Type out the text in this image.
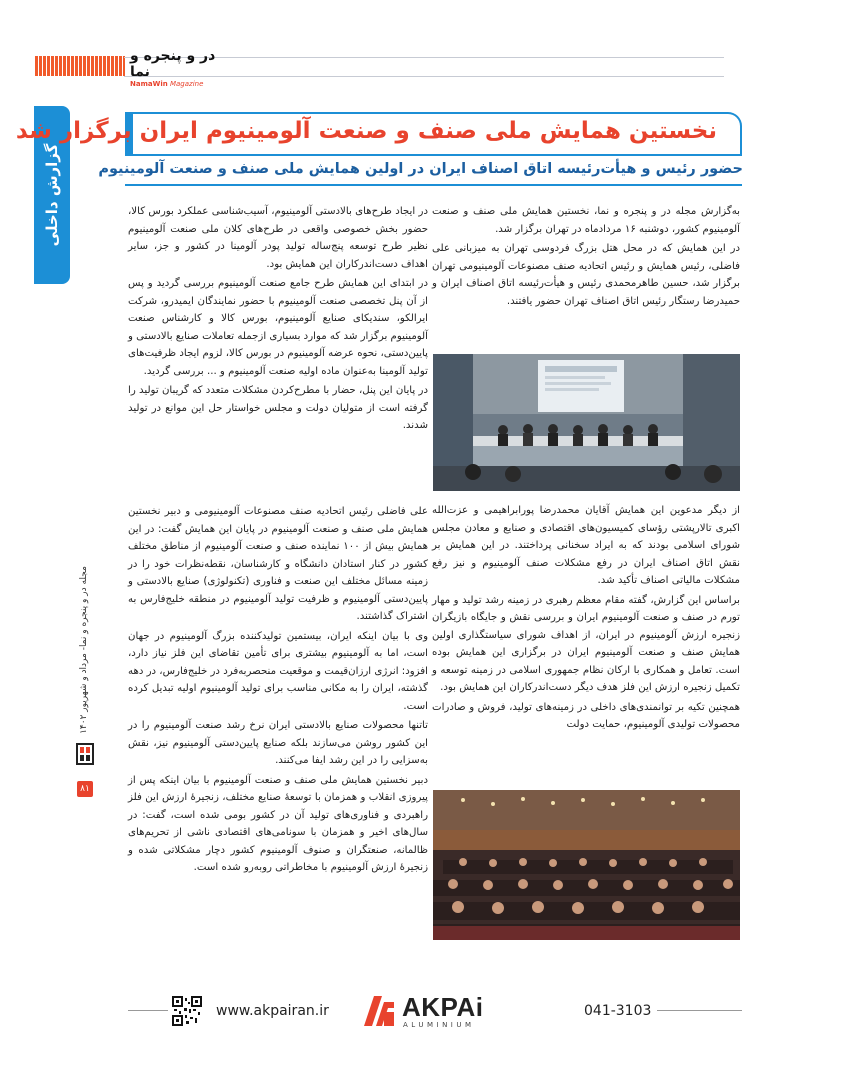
در و پنجره و نما
NamaWin Magazine
گزارش داخلی
مجله در و پنجره و نما- مرداد و شهریور ۱۴۰۲
۸۱
نخستین همایش ملی صنف و صنعت آلومینیوم ایران برگزار شد
حضور رئیس و هیأت‌رئیسه اتاق اصناف ایران در اولین همایش ملی صنف و صنعت آلومینیوم

به‌گزارش مجله در و پنجره و نما، نخستین همایش ملی صنف و صنعت آلومینیوم کشور، دوشنبه ۱۶ مردادماه در تهران برگزار شد.

در این همایش که در محل هتل بزرگ فردوسی تهران به میزبانی علی فاضلی، رئیس همایش و رئیس اتحادیه صنف مصنوعات آلومینیومی تهران برگزار شد، حسین طاهرمحمدی رئیس و هیأت‌رئیسه اتاق اصناف ایران و حمیدرضا رستگار رئیس اتاق اصناف تهران حضور یافتند.

از دیگر مدعوین این همایش آقایان محمدرضا پورابراهیمی و عزت‌الله اکبری تالارپشتی رؤسای کمیسیون‌های اقتصادی و صنایع و معادن مجلس شورای اسلامی بودند که به ایراد سخنانی پرداختند. در این همایش بر نقش اتاق اصناف ایران در رفع مشکلات صنف آلومینیوم و نیز رفع مشکلات مالیاتی اصناف تأکید شد.

براساس این گزارش، گفته مقام معظم رهبری در زمینه رشد تولید و مهار تورم در صنف و صنعت آلومینیوم ایران و بررسی نقش و جایگاه بازیگران زنجیره ارزش آلومینیوم در ایران، از اهداف شورای سیاستگذاری اولین همایش صنف و صنعت آلومینیوم ایران در برگزاری این همایش بوده است. تعامل و همکاری با ارکان نظام جمهوری اسلامی در زمینه توسعه و تکمیل زنجیره ارزش این فلز هدف دیگر دست‌اندرکاران این همایش بود.

همچنین تکیه بر توانمندی‌های داخلی در زمینه‌های تولید، فروش و صادرات محصولات تولیدی آلومینیوم، حمایت دولت

در ایجاد طرح‌های بالادستی آلومینیوم، آسیب‌شناسی عملکرد بورس کالا، حضور بخش خصوصی واقعی در طرح‌های کلان ملی صنعت آلومینیوم نظیر طرح توسعه پنج‌ساله تولید پودر آلومینا در کشور و جز، سایر اهداف دست‌اندرکاران این همایش بود.

در ابتدای این همایش طرح جامع صنعت آلومینیوم بررسی گردید و پس از آن پنل تخصصی صنعت آلومینیوم با حضور نمایندگان ایمیدرو، شرکت ایرالکو، سندیکای صنایع آلومینیوم، بورس کالا و کارشناس صنعت آلومینیوم برگزار شد که موارد بسیاری ازجمله تعاملات صنایع بالادستی و پایین‌دستی، نحوه عرضه آلومینیوم در بورس کالا، لزوم ایجاد ظرفیت‌های تولید آلومینا به‌عنوان ماده اولیه صنعت آلومینیوم و ... بررسی گردید.

در پایان این پنل، حضار با مطرح‌کردن مشکلات متعدد که گریبان تولید را گرفته است از متولیان دولت و مجلس خواستار حل این موانع در تولید شدند.

علی فاضلی رئیس اتحادیه صنف مصنوعات آلومینیومی و دبیر نخستین همایش ملی صنف و صنعت آلومینیوم در پایان این همایش گفت: در این همایش بیش از ۱۰۰ نماینده صنف و صنعت آلومینیوم از مناطق مختلف کشور در کنار استادان دانشگاه و کارشناسان، نقطه‌نظرات خود را در زمینه مسائل مختلف این صنعت و فناوری (تکنولوژی) صنایع بالادستی و پایین‌دستی آلومینیوم و ظرفیت تولید آلومینیوم در منطقه خلیج‌فارس به اشتراک گذاشتند.

وی با بیان اینکه ایران، بیستمین تولیدکننده بزرگ آلومینیوم در جهان است، اما به آلومینیوم بیشتری برای تأمین تقاضای این فلز نیاز دارد، افزود: انرژی ارزان‌قیمت و موقعیت منحصربه‌فرد در خلیج‌فارس، در دهه گذشته، ایران را به مکانی مناسب برای تولید آلومینیوم اولیه تبدیل کرده است.

تاتنها محصولات صنایع بالادستی ایران نرخ رشد صنعت آلومینیوم را در این کشور روشن می‌سازند بلکه صنایع پایین‌دستی آلومینیوم نیز، نقش به‌سزایی را در این رشد ایفا می‌کنند.

دبیر نخستین همایش ملی صنف و صنعت آلومینیوم با بیان اینکه پس از پیروزی انقلاب و همزمان با توسعهٔ صنایع مختلف، زنجیرهٔ ارزش این فلز راهبردی و فناوری‌های تولید آن در کشور بومی شده است، گفت: در سال‌های اخیر و همزمان با سونامی‌های اقتصادی ناشی از تحریم‌های ظالمانه، صنعتگران و صنوف آلومینیوم کشور دچار مشکلاتی شده و زنجیرهٔ ارزش آلومینیوم با مخاطراتی روبه‌رو شده است.

041-3103
www.akpairan.ir	AKPAi
ALUMINIUM
